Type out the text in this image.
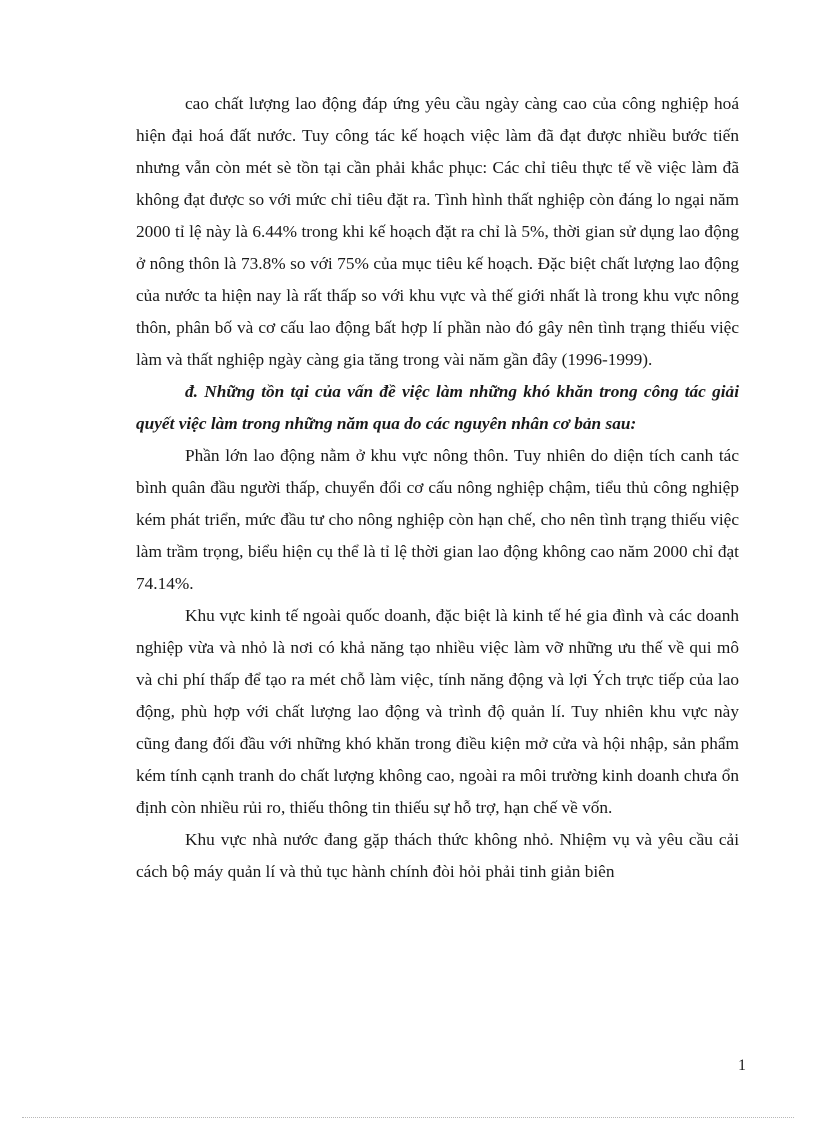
cao chất lượng lao động đáp ứng yêu cầu ngày càng cao của công nghiệp hoá hiện đại hoá đất nước. Tuy công tác kế hoạch việc làm đã đạt được nhiều bước tiến nhưng vẫn còn mét sè tồn tại cần phải khắc phục: Các chỉ tiêu thực tế về việc làm đã không đạt được so với mức chỉ tiêu đặt ra. Tình hình thất nghiệp còn đáng lo ngại năm 2000 tỉ lệ này là 6.44% trong khi kế hoạch đặt ra chỉ là 5%, thời gian sử dụng lao động ở nông thôn là 73.8% so với 75% của mục tiêu kế hoạch. Đặc biệt chất lượng lao động của nước ta hiện nay là rất thấp so với khu vực và thế giới nhất là trong khu vực nông thôn, phân bố và cơ cấu lao động bất hợp lí phần nào đó gây nên tình trạng thiếu việc làm và thất nghiệp ngày càng gia tăng trong vài năm gần đây (1996-1999).

đ. Những tồn tại của vấn đề việc làm những khó khăn trong công tác giải quyết việc làm trong những năm qua do các nguyên nhân cơ bản sau:

Phần lớn lao động nằm ở khu vực nông thôn. Tuy nhiên do diện tích canh tác bình quân đầu người thấp, chuyển đổi cơ cấu nông nghiệp chậm, tiểu thủ công nghiệp kém phát triển, mức đầu tư cho nông nghiệp còn hạn chế, cho nên tình trạng thiếu việc làm trầm trọng, biểu hiện cụ thể là tỉ lệ thời gian lao động không cao năm 2000 chỉ đạt 74.14%.

Khu vực kinh tế ngoài quốc doanh, đặc biệt là kinh tế hé gia đình và các doanh nghiệp vừa và nhỏ là nơi có khả năng tạo nhiều việc làm vỡ những ưu thế về qui mô và chi phí thấp để tạo ra mét chỗ làm việc, tính năng động và lợi Ých trực tiếp của lao động, phù hợp với chất lượng lao động và trình độ quản lí. Tuy nhiên khu vực này cũng đang đối đầu với những khó khăn trong điều kiện mở cửa và hội nhập, sản phẩm kém tính cạnh tranh do chất lượng không cao, ngoài ra môi trường kinh doanh chưa ổn định còn nhiều rủi ro, thiếu thông tin thiếu sự hỗ trợ, hạn chế về vốn.

Khu vực nhà nước đang gặp thách thức không nhỏ. Nhiệm vụ và yêu cầu cải cách bộ máy quản lí và thủ tục hành chính đòi hỏi phải tinh giản biên

1
